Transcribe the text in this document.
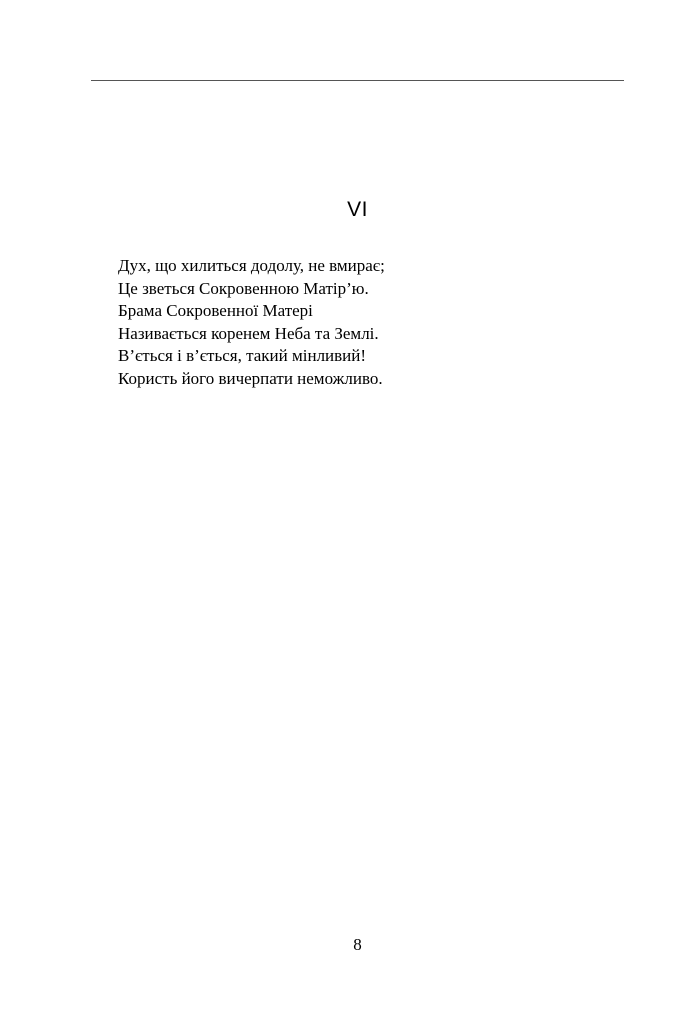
VI
Дух, що хилиться додолу, не вмирає;
Це зветься Сокровенною Матір’ю.
Брама Сокровенної Матері
Називається коренем Неба та Землі.
В’ється і в’ється, такий мінливий!
Користь його вичерпати неможливо.
8
